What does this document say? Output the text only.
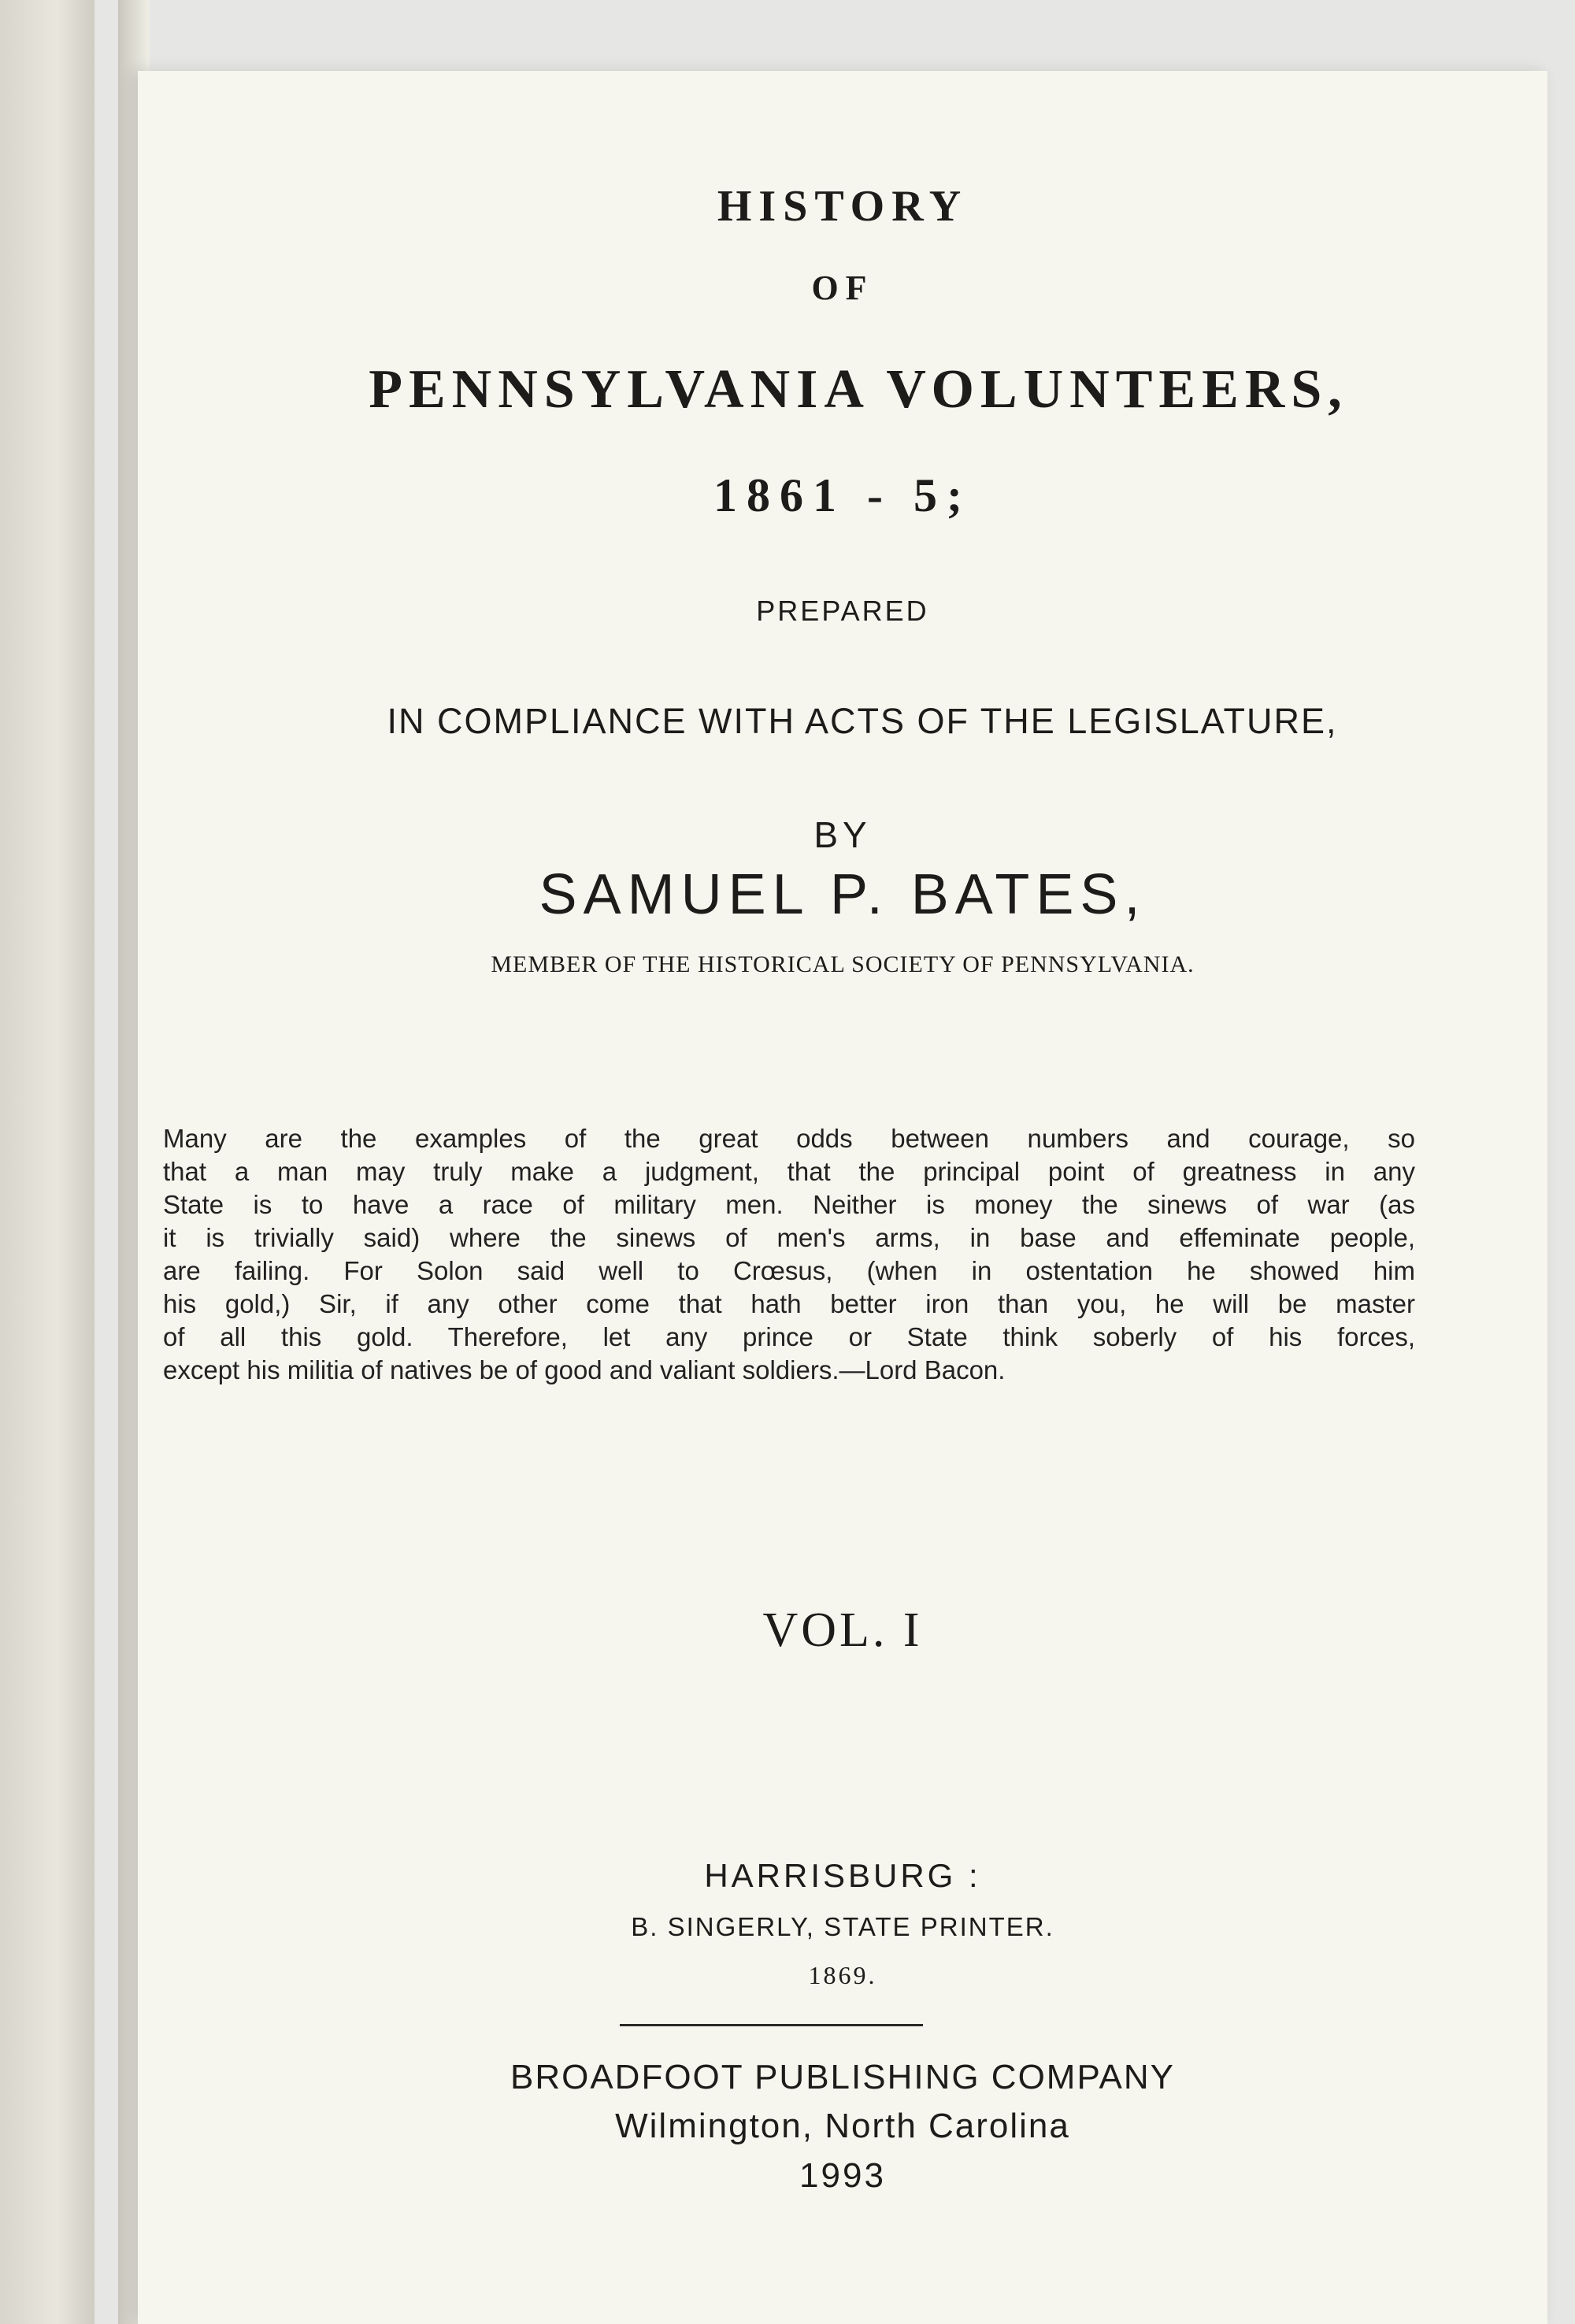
HISTORY
OF
PENNSYLVANIA VOLUNTEERS,
1861 - 5;
PREPARED
IN COMPLIANCE WITH ACTS OF THE LEGISLATURE,
BY
SAMUEL P. BATES,
MEMBER OF THE HISTORICAL SOCIETY OF PENNSYLVANIA.
Many are the examples of the great odds between numbers and courage, so
that a man may truly make a judgment, that the principal point of greatness in any
State is to have a race of military men. Neither is money the sinews of war (as
it is trivially said) where the sinews of men's arms, in base and effeminate people,
are failing. For Solon said well to Crœsus, (when in ostentation he showed him
his gold,) Sir, if any other come that hath better iron than you, he will be master
of all this gold. Therefore, let any prince or State think soberly of his forces,
except his militia of natives be of good and valiant soldiers.—Lord Bacon.
VOL. I
HARRISBURG :
B. SINGERLY, STATE PRINTER.
1869.
BROADFOOT PUBLISHING COMPANY
Wilmington, North Carolina
1993
